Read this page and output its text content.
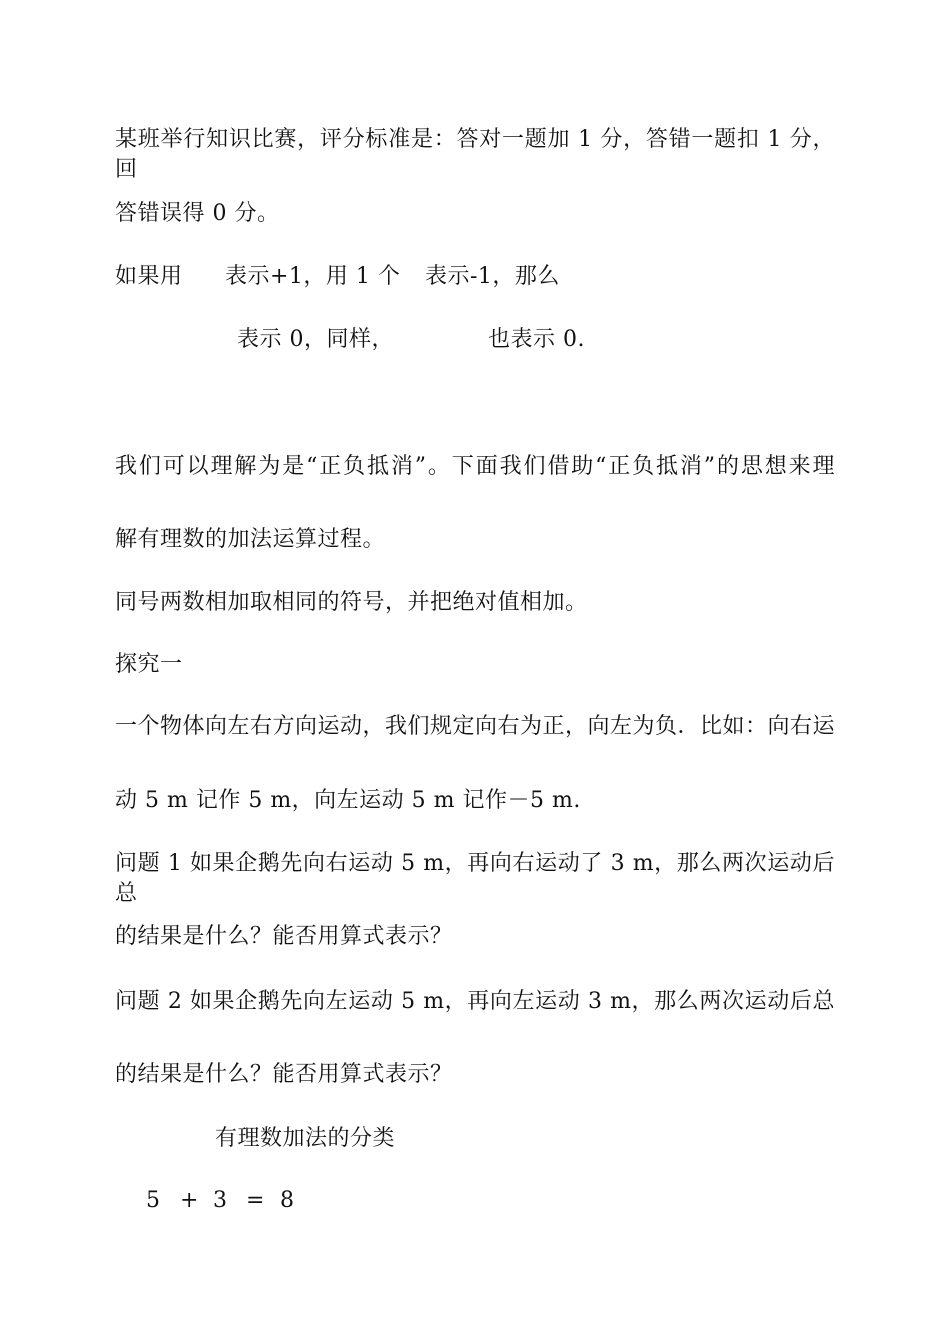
某班举行知识比赛，评分标准是：答对一题加 1 分，答错一题扣 1 分，回
答错误得 0 分。
如果用 表示+1，用 1 个 表示-1，那么
表示 0，同样，	也表示 0.
我们可以理解为是“正负抵消”。下面我们借助“正负抵消”的思想来理
解有理数的加法运算过程。
同号两数相加取相同的符号，并把绝对值相加。
探究一
一个物体向左右方向运动，我们规定向右为正，向左为负．比如：向右运
动 5 m 记作 5 m，向左运动 5 m 记作－5 m.
问题 1 如果企鹅先向右运动 5 m，再向右运动了 3 m，那么两次运动后总
的结果是什么？能否用算式表示？
问题 2 如果企鹅先向左运动 5 m，再向左运动 3 m，那么两次运动后总
的结果是什么？能否用算式表示？
有理数加法的分类
5 + 3 = 8
